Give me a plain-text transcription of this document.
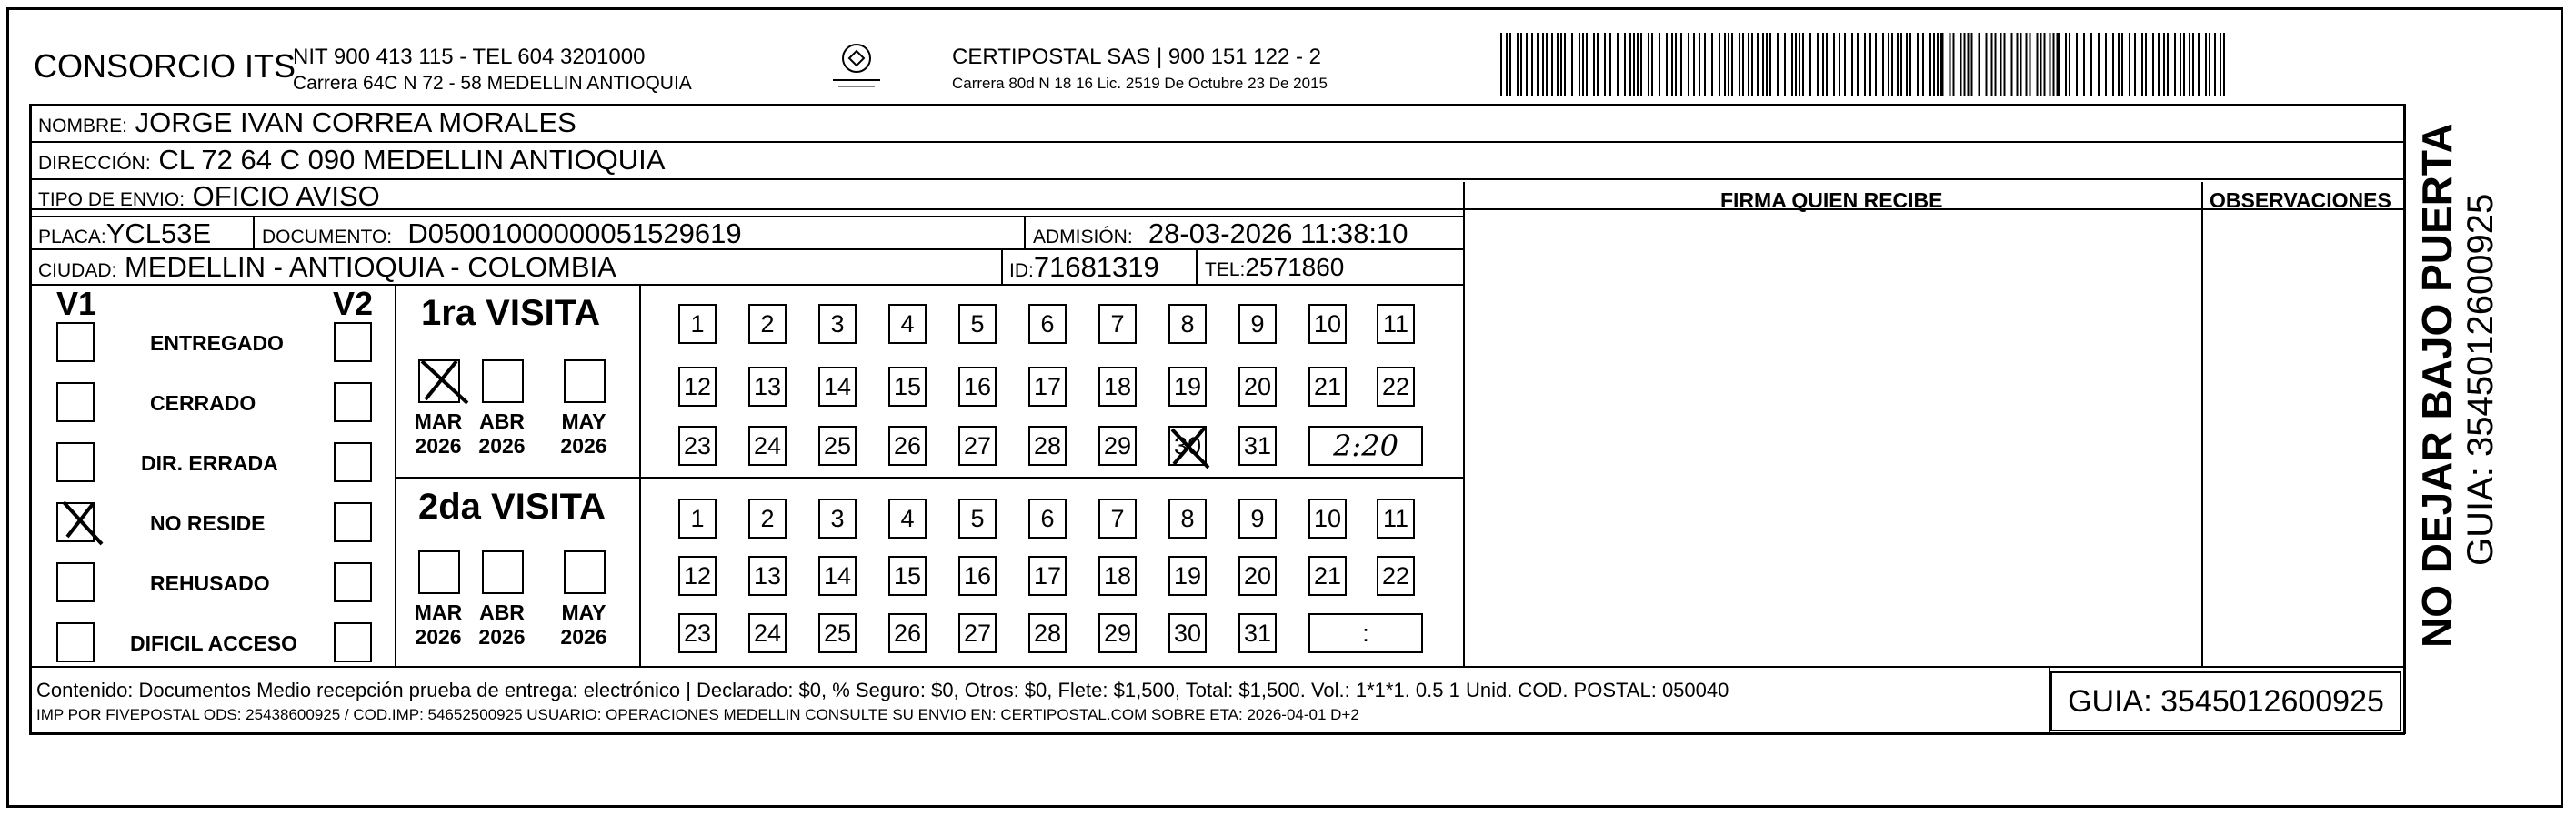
CONSORCIO ITS
NIT 900 413 115 - TEL 604 3201000
Carrera 64C N 72 - 58 MEDELLIN ANTIOQUIA
CERTIPOSTAL SAS | 900 151 122 - 2
Carrera 80d N 18 16 Lic. 2519 De Octubre 23 De 2015
NOMBRE: JORGE IVAN CORREA MORALES
DIRECCIÓN: CL 72 64 C 090 MEDELLIN ANTIOQUIA
TIPO DE ENVIO: OFICIO AVISO	FIRMA QUIEN RECIBE	OBSERVACIONES
PLACA:YCL53E	DOCUMENTO: D05001000000051529619	ADMISIÓN: 28-03-2026 11:38:10
CIUDAD: MEDELLIN - ANTIOQUIA - COLOMBIA	ID:71681319 TEL:2571860
V1	V2
ENTREGADO
CERRADO
DIR. ERRADA
NO RESIDE
REHUSADO
DIFICIL ACCESO
1ra VISITA
2da VISITA
MAR
2026
ABR
2026
MAY
2026
1	2	3	4	5	6	7	8	9	10 11
12 13 14 15 16 17 18 19 20 21 22
23 24 25 26 27 28 29 30 31	2:20
MAR
2026
ABR
2026
MAY
2026
1	2	3	4	5	6	7	8	9	10 11
12 13 14 15 16 17 18 19 20 21 22
23 24 25 26 27 28 29 30 31	:
Contenido: Documentos Medio recepción prueba de entrega: electrónico | Declarado: $0, % Seguro: $0, Otros: $0, Flete: $1,500, Total: $1,500. Vol.: 1*1*1. 0.5 1 Unid. COD. POSTAL: 050040
IMP POR FIVEPOSTAL ODS: 25438600925 / COD.IMP: 54652500925 USUARIO: OPERACIONES MEDELLIN CONSULTE SU ENVIO EN: CERTIPOSTAL.COM SOBRE ETA: 2026-04-01 D+2	GUIA: 3545012600925
NO DEJAR BAJO PUERTA GUIA: 3545012600925
